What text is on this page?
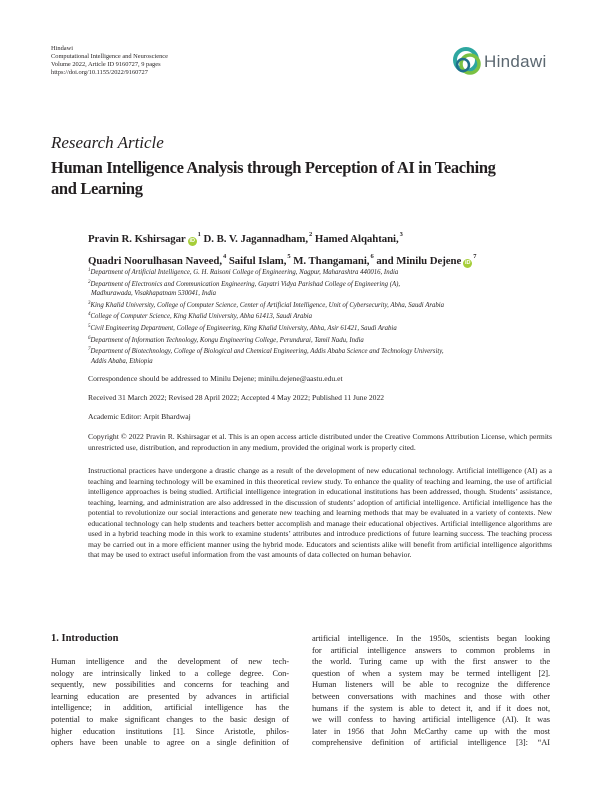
Hindawi
Computational Intelligence and Neuroscience
Volume 2022, Article ID 9160727, 9 pages
https://doi.org/10.1155/2022/9160727
Hindawi
Research Article
Human Intelligence Analysis through Perception of AI in Teaching
and Learning
Pravin R. Kshirsagar $iD^1$ D. B. V. Jagannadham,$^2$ Hamed Alqahtani,$^3$
Quadri Noorulhasan Naveed,$^4$ Saiful Islam,$^5$ M. Thangamani,$^6$ and Minilu Dejene $iD^7$
$^1$Department of Artificial Intelligence, G. H. Raisoni College of Engineering, Nagpur, Maharashtra 440016, India
$^2$Department of Electronics and Communication Engineering, Gayatri Vidya Parishad College of Engineering (A),
Madhurawada, Visakhapatnam 530041, India
$^3$King Khalid University, College of Computer Science, Center of Artificial Intelligence, Unit of Cybersecurity, Abha, Saudi Arabia
$^4$College of Computer Science, King Khalid University, Abha 61413, Saudi Arabia
$^5$Civil Engineering Department, College of Engineering, King Khalid University, Abha, Asir 61421, Saudi Arabia
$^6$Department of Information Technology, Kongu Engineering College, Perundurai, Tamil Nadu, India
$^7$Department of Biotechnology, College of Biological and Chemical Engineering, Addis Ababa Science and Technology University,
Addis Ababa, Ethiopia
Correspondence should be addressed to Minilu Dejene; minilu.dejene@aastu.edu.et
Received 31 March 2022; Revised 28 April 2022; Accepted 4 May 2022; Published 11 June 2022
Academic Editor: Arpit Bhardwaj
Copyright © 2022 Pravin R. Kshirsagar et al. This is an open access article distributed under the Creative Commons Attribution License, which permits unrestricted use, distribution, and reproduction in any medium, provided the original work is properly cited.
Instructional practices have undergone a drastic change as a result of the development of new educational technology. Artificial intelligence (AI) as a teaching and learning technology will be examined in this theoretical review study. To enhance the quality of teaching and learning, the use of artificial intelligence approaches is being studied. Artificial intelligence integration in educational institutions has been addressed, though. Students’ assistance, teaching, learning, and administration are also addressed in the discussion of students’ adoption of artificial intelligence. Artificial intelligence has the potential to revolutionize our social interactions and generate new teaching and learning methods that may be evaluated in a variety of contexts. New educational technology can help students and teachers better accomplish and manage their educational objectives. Artificial intelligence algorithms are used in a hybrid teaching mode in this work to examine students’ attributes and introduce predictions of future learning success. The teaching process may be carried out in a more efficient manner using the hybrid mode. Educators and scientists alike will benefit from artificial intelligence algorithms that may be used to extract useful information from the vast amounts of data collected on human behavior.
1. Introduction
Human intelligence and the development of new tech-
nology are intrinsically linked to a college degree. Con-
sequently, new possibilities and concerns for teaching and
learning education are presented by advances in artificial
intelligence; in addition, artificial intelligence has the
potential to make significant changes to the basic design of
higher education institutions [1]. Since Aristotle, philos-
ophers have been unable to agree on a single definition of
artificial intelligence. In the 1950s, scientists began looking
for artificial intelligence answers to common problems in
the world. Turing came up with the first answer to the
question of when a system may be termed intelligent [2].
Human listeners will be able to recognize the difference
between conversations with machines and those with other
humans if the system is able to detect it, and if it does not,
we will confess to having artificial intelligence (AI). It was
later in 1956 that John McCarthy came up with the most
comprehensive definition of artificial intelligence [3]: “AI
